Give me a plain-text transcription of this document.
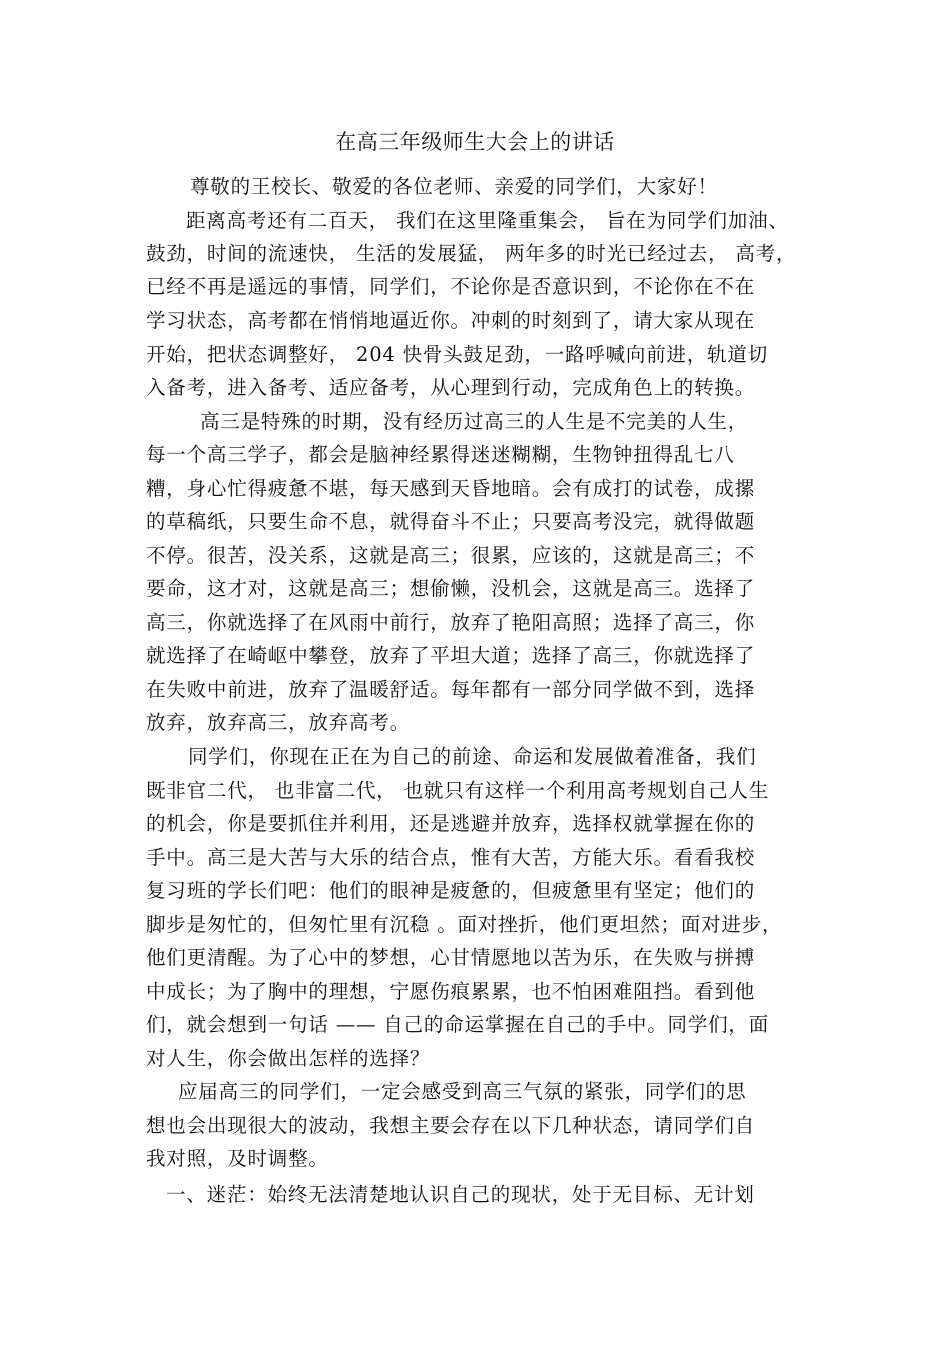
在高三年级师生大会上的讲话
尊敬的王校长、敬爱的各位老师、亲爱的同学们，大家好！
距离高考还有二百天， 我们在这里隆重集会， 旨在为同学们加油、
鼓劲，时间的流速快， 生活的发展猛， 两年多的时光已经过去， 高考，
已经不再是遥远的事情，同学们，不论你是否意识到，不论你在不在
学习状态，高考都在悄悄地逼近你。冲刺的时刻到了，请大家从现在
开始，把状态调整好， 204 快骨头鼓足劲，一路呼喊向前进，轨道切
入备考，进入备考、适应备考，从心理到行动，完成角色上的转换。
高三是特殊的时期，没有经历过高三的人生是不完美的人生，
每一个高三学子，都会是脑神经累得迷迷糊糊，生物钟扭得乱七八
糟，身心忙得疲惫不堪，每天感到天昏地暗。会有成打的试卷，成摞
的草稿纸，只要生命不息，就得奋斗不止；只要高考没完，就得做题
不停。很苦，没关系，这就是高三；很累，应该的，这就是高三；不
要命，这才对，这就是高三；想偷懒，没机会，这就是高三。选择了
高三，你就选择了在风雨中前行，放弃了艳阳高照；选择了高三，你
就选择了在崎岖中攀登，放弃了平坦大道；选择了高三，你就选择了
在失败中前进，放弃了温暖舒适。每年都有一部分同学做不到，选择
放弃，放弃高三，放弃高考。
同学们，你现在正在为自己的前途、命运和发展做着准备，我们
既非官二代， 也非富二代， 也就只有这样一个利用高考规划自己人生
的机会，你是要抓住并利用，还是逃避并放弃，选择权就掌握在你的
手中。高三是大苦与大乐的结合点，惟有大苦，方能大乐。看看我校
复习班的学长们吧：他们的眼神是疲惫的，但疲惫里有坚定；他们的
脚步是匆忙的，但匆忙里有沉稳 。面对挫折，他们更坦然；面对进步，
他们更清醒。为了心中的梦想，心甘情愿地以苦为乐，在失败与拼搏
中成长；为了胸中的理想，宁愿伤痕累累，也不怕困难阻挡。看到他
们，就会想到一句话 —— 自己的命运掌握在自己的手中。同学们，面
对人生，你会做出怎样的选择？
应届高三的同学们，一定会感受到高三气氛的紧张，同学们的思
想也会出现很大的波动，我想主要会存在以下几种状态，请同学们自
我对照，及时调整。
一、迷茫：始终无法清楚地认识自己的现状，处于无目标、无计划
